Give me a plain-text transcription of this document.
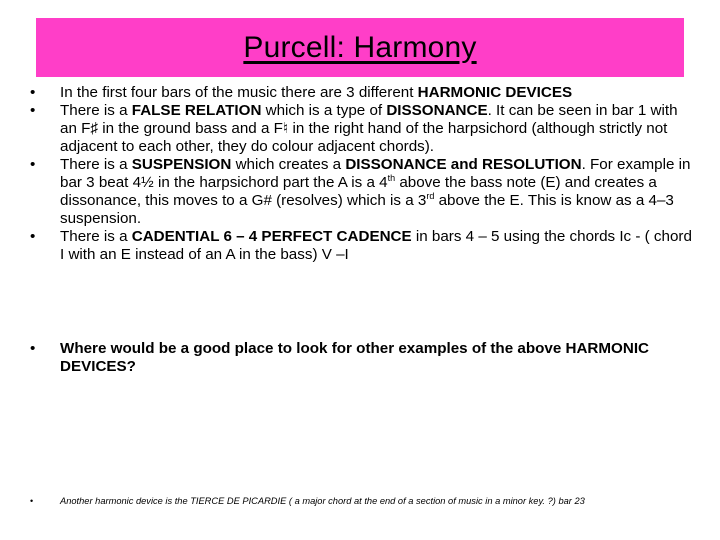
Purcell: Harmony
•	In the first four bars of the music there are 3 different HARMONIC DEVICES
•	There is a FALSE RELATION which is a type of DISSONANCE. It can be seen in bar 1 with an F♯ in the ground bass and a F♮ in the right hand of the harpsichord (although strictly not adjacent to each other, they do colour adjacent chords).
•	There is a SUSPENSION which creates a DISSONANCE and RESOLUTION. For example in bar 3 beat 4½ in the harpsichord part the A is a 4th above the bass note (E) and creates a dissonance, this moves to a G# (resolves) which is a 3rd above the E. This is know as a 4–3 suspension.
•	There is a CADENTIAL 6 – 4 PERFECT CADENCE in bars 4 – 5 using the chords Ic - ( chord I with an E instead of an A in the bass) V –I
•	Where would be a good place to look for other examples of the above HARMONIC DEVICES?
•	Another harmonic device is the TIERCE DE PICARDIE ( a major chord at the end of a section of music in a minor key. ?) bar 23
